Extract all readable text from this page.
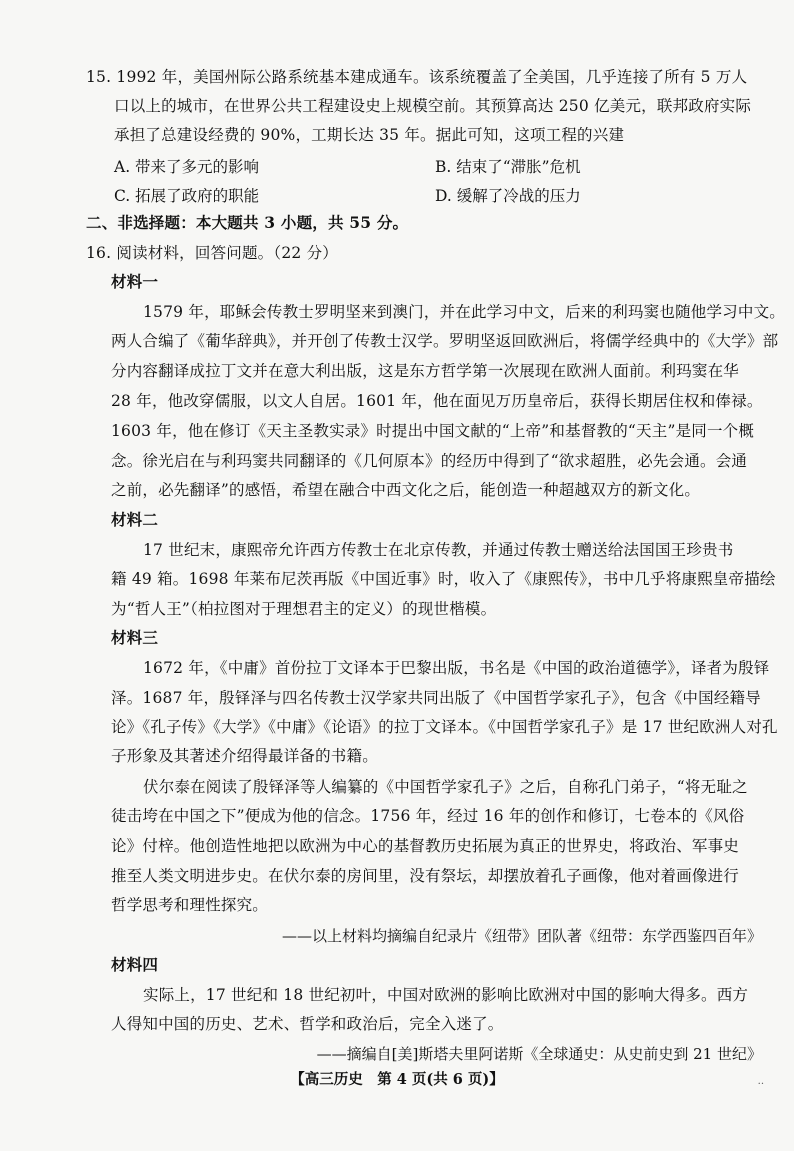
15. 1992 年，美国州际公路系统基本建成通车。该系统覆盖了全美国，几乎连接了所有 5 万人
口以上的城市，在世界公共工程建设史上规模空前。其预算高达 250 亿美元，联邦政府实际
承担了总建设经费的 90%，工期长达 35 年。据此可知，这项工程的兴建
A. 带来了多元的影响	B. 结束了“滞胀”危机
C. 拓展了政府的职能	D. 缓解了冷战的压力
二、非选择题：本大题共 3 小题，共 55 分。
16. 阅读材料，回答问题。（22 分）
材料一
1579 年，耶稣会传教士罗明坚来到澳门，并在此学习中文，后来的利玛窦也随他学习中文。
两人合编了《葡华辞典》，并开创了传教士汉学。罗明坚返回欧洲后，将儒学经典中的《大学》部
分内容翻译成拉丁文并在意大利出版，这是东方哲学第一次展现在欧洲人面前。利玛窦在华
28 年，他改穿儒服，以文人自居。1601 年，他在面见万历皇帝后，获得长期居住权和俸禄。
1603 年，他在修订《天主圣教实录》时提出中国文献的“上帝”和基督教的“天主”是同一个概
念。徐光启在与利玛窦共同翻译的《几何原本》的经历中得到了“欲求超胜，必先会通。会通
之前，必先翻译”的感悟，希望在融合中西文化之后，能创造一种超越双方的新文化。
材料二
17 世纪末，康熙帝允许西方传教士在北京传教，并通过传教士赠送给法国国王珍贵书
籍 49 箱。1698 年莱布尼茨再版《中国近事》时，收入了《康熙传》，书中几乎将康熙皇帝描绘
为“哲人王”（柏拉图对于理想君主的定义）的现世楷模。
材料三
1672 年，《中庸》首份拉丁文译本于巴黎出版，书名是《中国的政治道德学》，译者为殷铎
泽。1687 年，殷铎泽与四名传教士汉学家共同出版了《中国哲学家孔子》，包含《中国经籍导
论》《孔子传》《大学》《中庸》《论语》的拉丁文译本。《中国哲学家孔子》是 17 世纪欧洲人对孔
子形象及其著述介绍得最详备的书籍。
伏尔泰在阅读了殷铎泽等人编纂的《中国哲学家孔子》之后，自称孔门弟子，“将无耻之
徒击垮在中国之下”便成为他的信念。1756 年，经过 16 年的创作和修订，七卷本的《风俗
论》付梓。他创造性地把以欧洲为中心的基督教历史拓展为真正的世界史，将政治、军事史
推至人类文明进步史。在伏尔泰的房间里，没有祭坛，却摆放着孔子画像，他对着画像进行
哲学思考和理性探究。
——以上材料均摘编自纪录片《纽带》团队著《纽带：东学西鉴四百年》
材料四
实际上，17 世纪和 18 世纪初叶，中国对欧洲的影响比欧洲对中国的影响大得多。西方
人得知中国的历史、艺术、哲学和政治后，完全入迷了。
——摘编自[美]斯塔夫里阿诺斯《全球通史：从史前史到 21 世纪》
【高三历史　第 4 页(共 6 页)】	..
